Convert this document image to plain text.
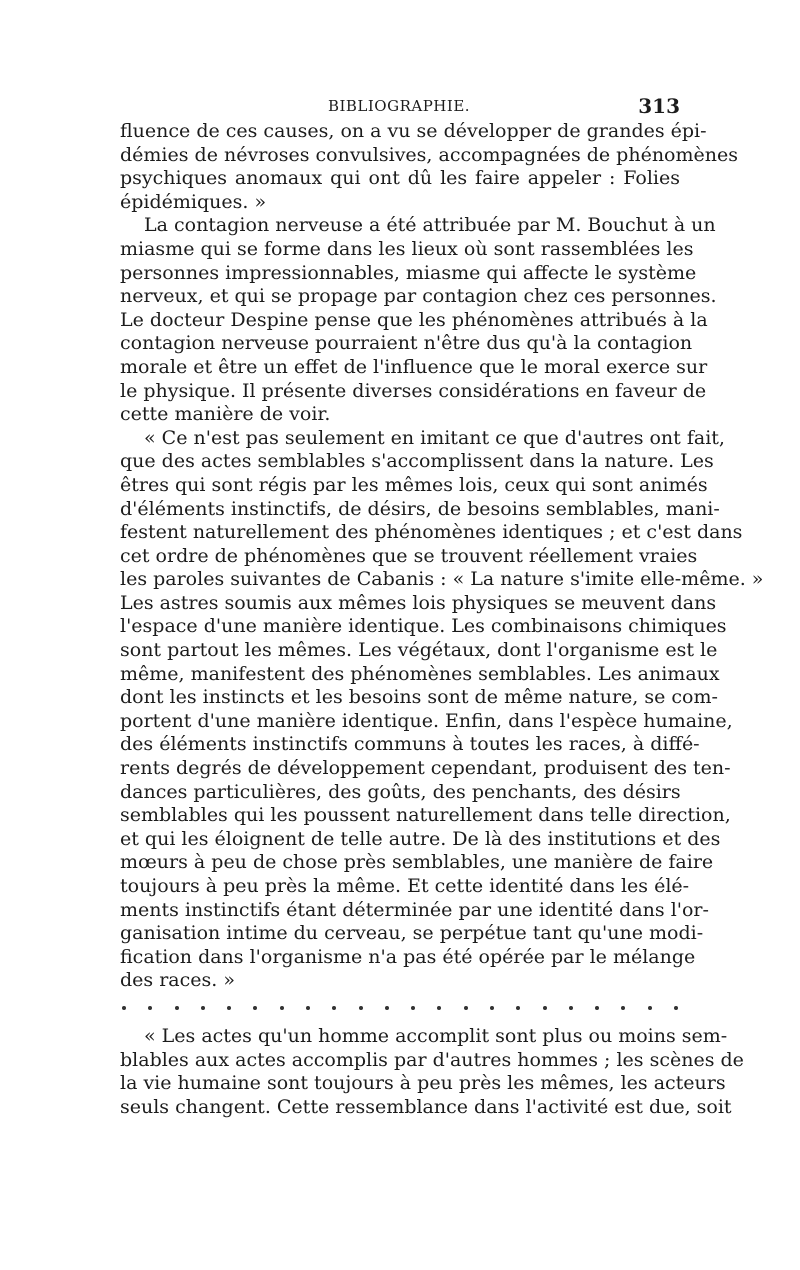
BIBLIOGRAPHIE.	313

fluence de ces causes, on a vu se développer de grandes épi-
démies de névroses convulsives, accompagnées de phénomènes
psychiques anomaux qui ont dû les faire appeler : Folies
épidémiques. »

La contagion nerveuse a été attribuée par M. Bouchut à un
miasme qui se forme dans les lieux où sont rassemblées les
personnes impressionnables, miasme qui affecte le système
nerveux, et qui se propage par contagion chez ces personnes.
Le docteur Despine pense que les phénomènes attribués à la
contagion nerveuse pourraient n'être dus qu'à la contagion
morale et être un effet de l'influence que le moral exerce sur
le physique. Il présente diverses considérations en faveur de
cette manière de voir.

« Ce n'est pas seulement en imitant ce que d'autres ont fait,
que des actes semblables s'accomplissent dans la nature. Les
êtres qui sont régis par les mêmes lois, ceux qui sont animés
d'éléments instinctifs, de désirs, de besoins semblables, mani-
festent naturellement des phénomènes identiques ; et c'est dans
cet ordre de phénomènes que se trouvent réellement vraies
les paroles suivantes de Cabanis : « La nature s'imite elle-même. »
Les astres soumis aux mêmes lois physiques se meuvent dans
l'espace d'une manière identique. Les combinaisons chimiques
sont partout les mêmes. Les végétaux, dont l'organisme est le
même, manifestent des phénomènes semblables. Les animaux
dont les instincts et les besoins sont de même nature, se com-
portent d'une manière identique. Enfin, dans l'espèce humaine,
des éléments instinctifs communs à toutes les races, à diffé-
rents degrés de développement cependant, produisent des ten-
dances particulières, des goûts, des penchants, des désirs
semblables qui les poussent naturellement dans telle direction,
et qui les éloignent de telle autre. De là des institutions et des
mœurs à peu de chose près semblables, une manière de faire
toujours à peu près la même. Et cette identité dans les élé-
ments instinctifs étant déterminée par une identité dans l'or-
ganisation intime du cerveau, se perpétue tant qu'une modi-
fication dans l'organisme n'a pas été opérée par le mélange
des races. »

« Les actes qu'un homme accomplit sont plus ou moins sem-
blables aux actes accomplis par d'autres hommes ; les scènes de
la vie humaine sont toujours à peu près les mêmes, les acteurs
seuls changent. Cette ressemblance dans l'activité est due, soit
